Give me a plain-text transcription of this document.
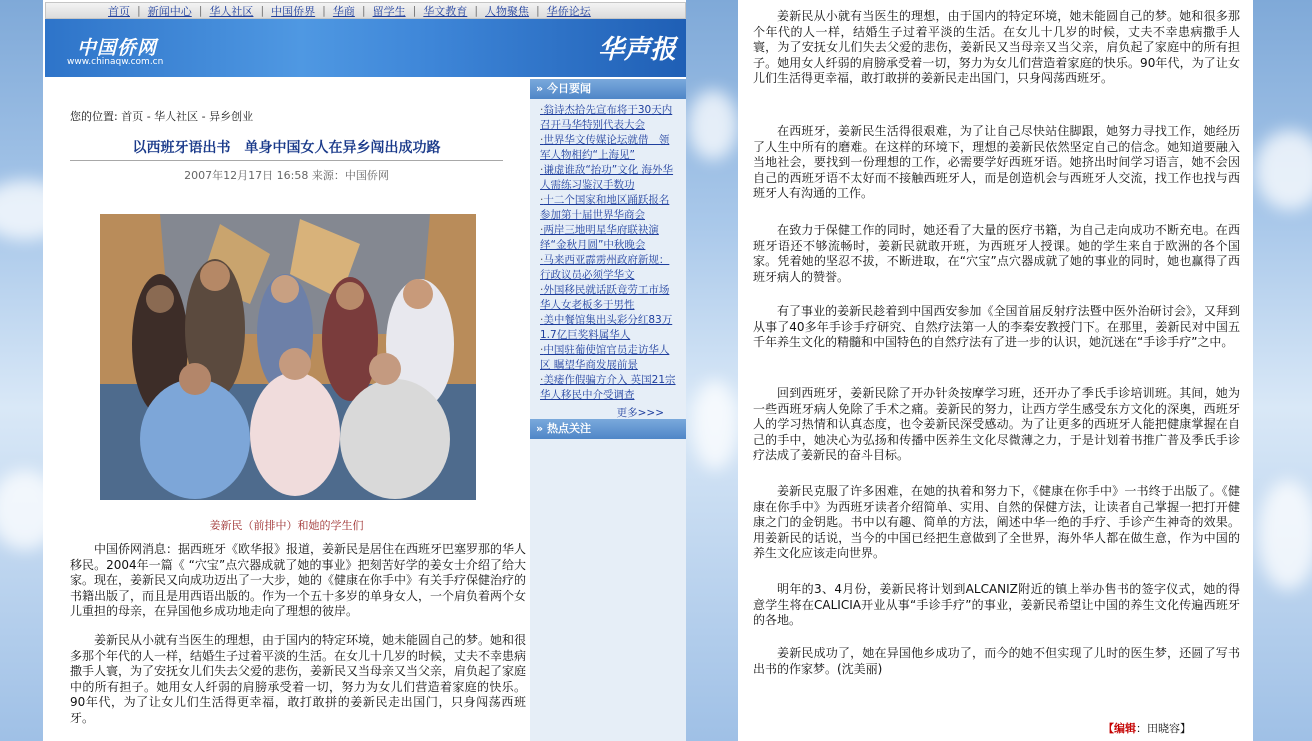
首页 | 新闻中心 | 华人社区 | 中国侨界 | 华商 | 留学生 | 华文教育 | 人物聚焦 | 华侨论坛
中国侨网
www.chinaqw.com.cn	华声报
您的位置: 首页 - 华人社区 - 异乡创业
以西班牙语出书　单身中国女人在异乡闯出成功路
2007年12月17日 16:58 来源：中国侨网
姜新民（前排中）和她的学生们
中国侨网消息：据西班牙《欧华报》报道，姜新民是居住在西班牙巴塞罗那的华人移民。2004年一篇《 “穴宝”点穴器成就了她的事业》把刻苦好学的姜女士介绍了给大家。现在，姜新民又向成功迈出了一大步，她的《健康在你手中》有关手疗保健治疗的书籍出版了，而且是用西语出版的。作为一个五十多岁的单身女人，一个肩负着两个女儿重担的母亲，在异国他乡成功地走向了理想的彼岸。
姜新民从小就有当医生的理想，由于国内的特定环境，她未能圆自己的梦。她和很多那个年代的人一样，结婚生子过着平淡的生活。在女儿十几岁的时候，丈夫不幸患病撒手人寰，为了安抚女儿们失去父爱的悲伤，姜新民又当母亲又当父亲，肩负起了家庭中的所有担子。她用女人纤弱的肩膀承受着一切，努力为女儿们营造着家庭的快乐。90年代，为了让女儿们生活得更幸福，敢打敢拼的姜新民走出国门，只身闯荡西班牙。
» 今日要闻
·翁诗杰拾先宣布将于30天内召开马华特别代表大会
·世界华文传媒论坛就借　领军人物相约“上海见”
·谦虚谁敌“抬功”文化 海外华人需练习鉴汉手数功
·十二个国家和地区踊跃报名参加第十届世界华商会
·两岸三地明星华府联袂演绎“金秋月圆”中秋晚会
·马来西亚霹雳州政府新规：行政议员必须学华文
·外国移民就话跃竟劳工市场华人女老板多于男性
·美中餐馆集出头彩分红83万1.7亿巨奖料属华人
·中国驻葡使馆官员走访华人区 瞩望华商发展前景
·美痿作假骗方介入 英国21宗华人移民中介受调查
更多>>>
» 热点关注
姜新民从小就有当医生的理想，由于国内的特定环境，她未能圆自己的梦。她和很多那个年代的人一样，结婚生子过着平淡的生活。在女儿十几岁的时候，丈夫不幸患病撒手人寰，为了安抚女儿们失去父爱的悲伤，姜新民又当母亲又当父亲，肩负起了家庭中的所有担子。她用女人纤弱的肩膀承受着一切，努力为女儿们营造着家庭的快乐。90年代，为了让女儿们生活得更幸福，敢打敢拼的姜新民走出国门，只身闯荡西班牙。
在西班牙，姜新民生活得很艰难，为了让自己尽快站住脚跟，她努力寻找工作，她经历了人生中所有的磨难。在这样的环境下，理想的姜新民依然坚定自己的信念。她知道要融入当地社会，要找到一份理想的工作，必需要学好西班牙语。她挤出时间学习语言，她不会因自己的西班牙语不太好而不接触西班牙人，而是创造机会与西班牙人交流，找工作也找与西班牙人有沟通的工作。
在致力于保健工作的同时，她还看了大量的医疗书籍，为自己走向成功不断充电。在西班牙语还不够流畅时，姜新民就敢开班，为西班牙人授课。她的学生来自于欧洲的各个国家。凭着她的坚忍不拔，不断进取，在“穴宝”点穴器成就了她的事业的同时，她也赢得了西班牙病人的赞誉。
有了事业的姜新民趁着到中国西安参加《全国首届反射疗法暨中医外治研讨会》，又拜到从事了40多年手诊手疗研究、自然疗法第一人的李秦安教授门下。在那里，姜新民对中国五千年养生文化的精髓和中国特色的自然疗法有了进一步的认识，她沉迷在“手诊手疗”之中。
回到西班牙，姜新民除了开办针灸按摩学习班，还开办了季氏手诊培训班。其间，她为一些西班牙病人免除了手术之痛。姜新民的努力，让西方学生感受东方文化的深奥，西班牙人的学习热情和认真态度，也令姜新民深受感动。为了让更多的西班牙人能把健康掌握在自己的手中，她决心为弘扬和传播中医养生文化尽微薄之力，于是计划着书推广普及季氏手诊疗法成了姜新民的奋斗目标。
姜新民克服了许多困难，在她的执着和努力下，《健康在你手中》一书终于出版了。《健康在你手中》为西班牙读者介绍简单、实用、自然的保健方法，让读者自己掌握一把打开健康之门的金钥匙。书中以有趣、简单的方法，阐述中华一绝的手疗、手诊产生神奇的效果。用姜新民的话说，当今的中国已经把生意做到了全世界，海外华人都在做生意，作为中国的养生文化应该走向世界。
明年的3、4月份，姜新民将计划到ALCANIZ附近的镇上举办售书的签字仪式，她的得意学生将在CALICIA开业从事“手诊手疗”的事业，姜新民希望让中国的养生文化传遍西班牙的各地。
姜新民成功了，她在异国他乡成功了，而今的她不但实现了儿时的医生梦，还圆了写书出书的作家梦。(沈美丽)
【编辑：田晓容】
